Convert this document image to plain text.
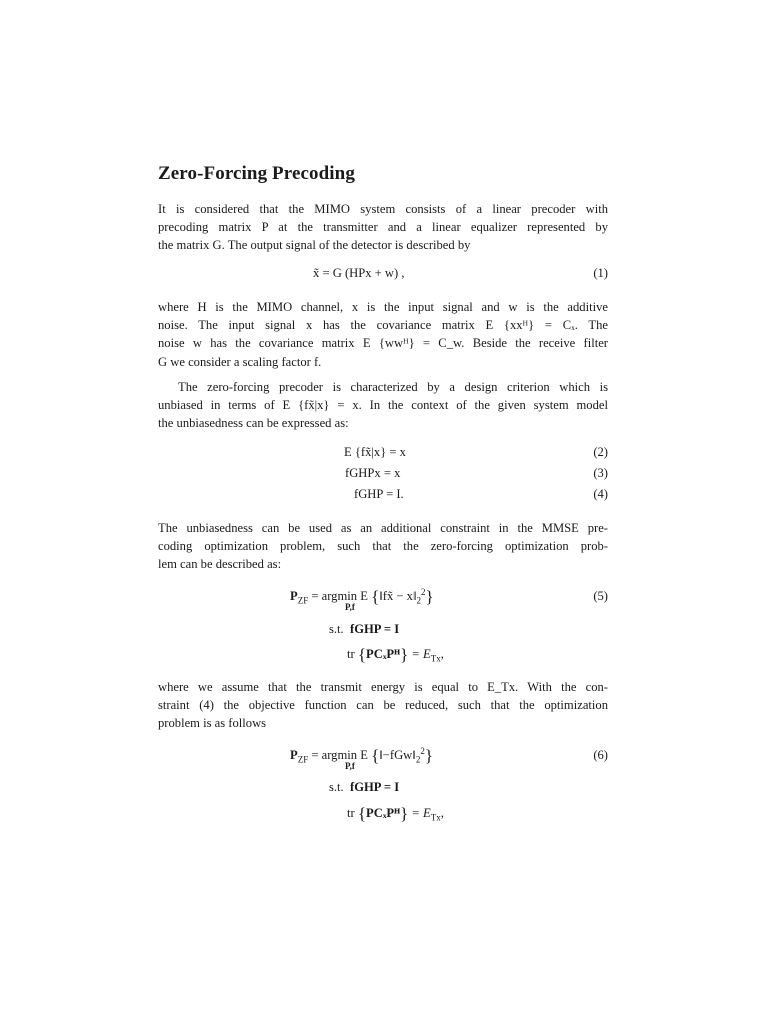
Zero-Forcing Precoding
It is considered that the MIMO system consists of a linear precoder with
precoding matrix P at the transmitter and a linear equalizer represented by
the matrix G. The output signal of the detector is described by
x̃ = G (HPx + w) ,	(1)
where H is the MIMO channel, x is the input signal and w is the additive
noise. The input signal x has the covariance matrix E {xxᴴ} = Cₓ. The
noise w has the covariance matrix E {wwᴴ} = C_w. Beside the receive filter
G we consider a scaling factor f.
The zero-forcing precoder is characterized by a design criterion which is
unbiased in terms of E {fx̃|x} = x. In the context of the given system model
the unbiasedness can be expressed as:
E {fx̃|x} = x	(2)
fGHPx = x	(3)
fGHP = I.	(4)
The unbiasedness can be used as an additional constraint in the MMSE pre-
coding optimization problem, such that the zero-forcing optimization prob-
lem can be described as:
$P_{ZF} = argmin$ E {‖fx̃ − $x‖_2^2$}
P,f
(5)
s.t. fGHP = I
tr {PCₓPᴴ} = $E_{Tx}$,
where we assume that the transmit energy is equal to E_Tx. With the con-
straint (4) the objective function can be reduced, such that the optimization
problem is as follows
$P_{ZF} = argmin$ E $\{‖-fGw‖_2^2\}$
P,f
(6)
s.t. fGHP = I
tr {PCₓPᴴ} = $E_{Tx}$,
